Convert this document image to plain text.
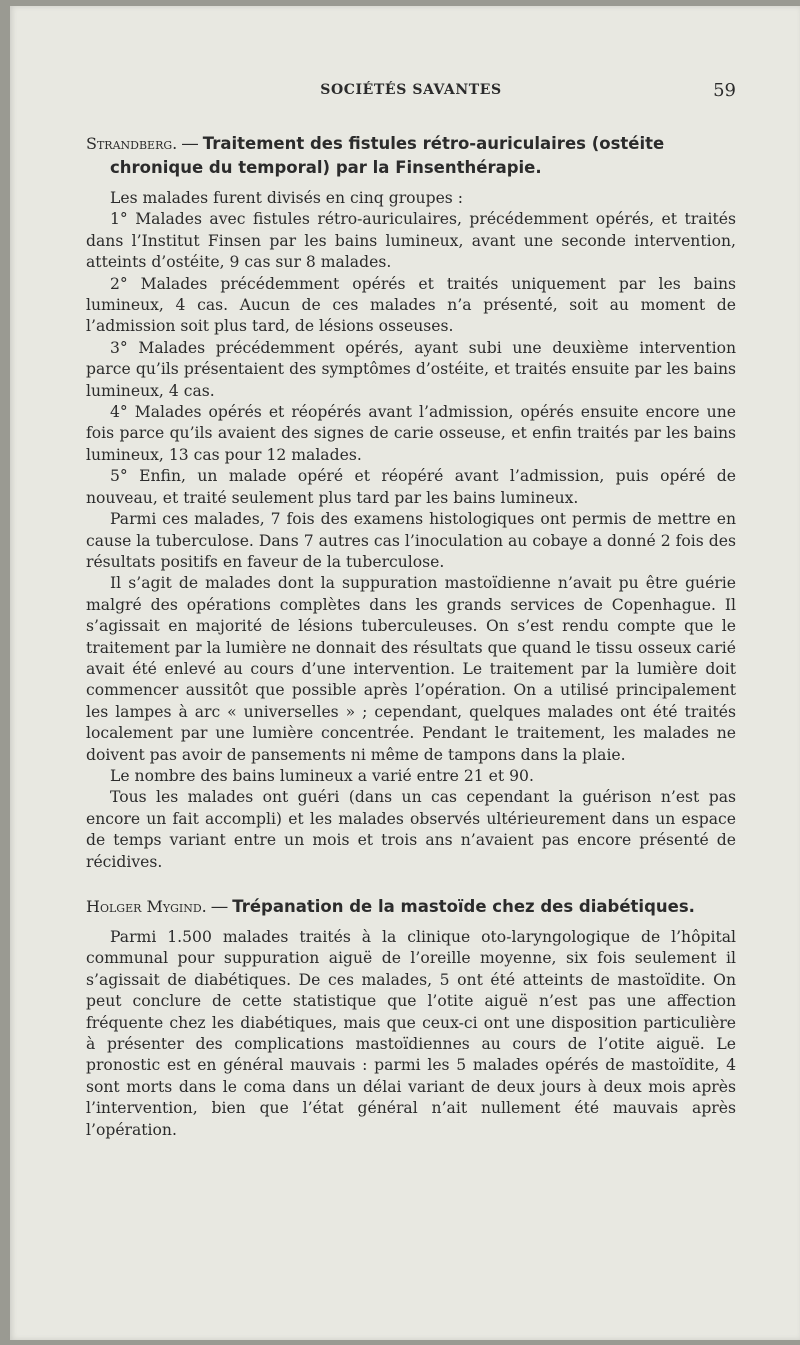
SOCIÉTÉS SAVANTES	59
Strandberg. — Traitement des fistules rétro-auriculaires (ostéite chronique du temporal) par la Finsenthérapie.

Les malades furent divisés en cinq groupes :

1° Malades avec fistules rétro-auriculaires, précédemment opérés, et traités dans l’Institut Finsen par les bains lumineux, avant une seconde intervention, atteints d’ostéite, 9 cas sur 8 malades.

2° Malades précédemment opérés et traités uniquement par les bains lumineux, 4 cas. Aucun de ces malades n’a présenté, soit au moment de l’admission soit plus tard, de lésions osseuses.

3° Malades précédemment opérés, ayant subi une deuxième intervention parce qu’ils présentaient des symptômes d’ostéite, et traités ensuite par les bains lumineux, 4 cas.

4° Malades opérés et réopérés avant l’admission, opérés ensuite encore une fois parce qu’ils avaient des signes de carie osseuse, et enfin traités par les bains lumineux, 13 cas pour 12 malades.

5° Enfin, un malade opéré et réopéré avant l’admission, puis opéré de nouveau, et traité seulement plus tard par les bains lumineux.

Parmi ces malades, 7 fois des examens histologiques ont permis de mettre en cause la tuberculose. Dans 7 autres cas l’inoculation au cobaye a donné 2 fois des résultats positifs en faveur de la tuberculose.

Il s’agit de malades dont la suppuration mastoïdienne n’avait pu être guérie malgré des opérations complètes dans les grands services de Copenhague. Il s’agissait en majorité de lésions tuberculeuses. On s’est rendu compte que le traitement par la lumière ne donnait des résultats que quand le tissu osseux carié avait été enlevé au cours d’une intervention. Le traitement par la lumière doit commencer aussitôt que possible après l’opération. On a utilisé principalement les lampes à arc « universelles » ; cependant, quelques malades ont été traités localement par une lumière concentrée. Pendant le traitement, les malades ne doivent pas avoir de pansements ni même de tampons dans la plaie.

Le nombre des bains lumineux a varié entre 21 et 90.

Tous les malades ont guéri (dans un cas cependant la guérison n’est pas encore un fait accompli) et les malades observés ultérieurement dans un espace de temps variant entre un mois et trois ans n’avaient pas encore présenté de récidives.

Holger Mygind. — Trépanation de la mastoïde chez des diabétiques.

Parmi 1.500 malades traités à la clinique oto-laryngologique de l’hôpital communal pour suppuration aiguë de l’oreille moyenne, six fois seulement il s’agissait de diabétiques. De ces malades, 5 ont été atteints de mastoïdite. On peut conclure de cette statistique que l’otite aiguë n’est pas une affection fréquente chez les diabétiques, mais que ceux-ci ont une disposition particulière à présenter des complications mastoïdiennes au cours de l’otite aiguë. Le pronostic est en général mauvais : parmi les 5 malades opérés de mastoïdite, 4 sont morts dans le coma dans un délai variant de deux jours à deux mois après l’intervention, bien que l’état général n’ait nullement été mauvais après l’opération.
